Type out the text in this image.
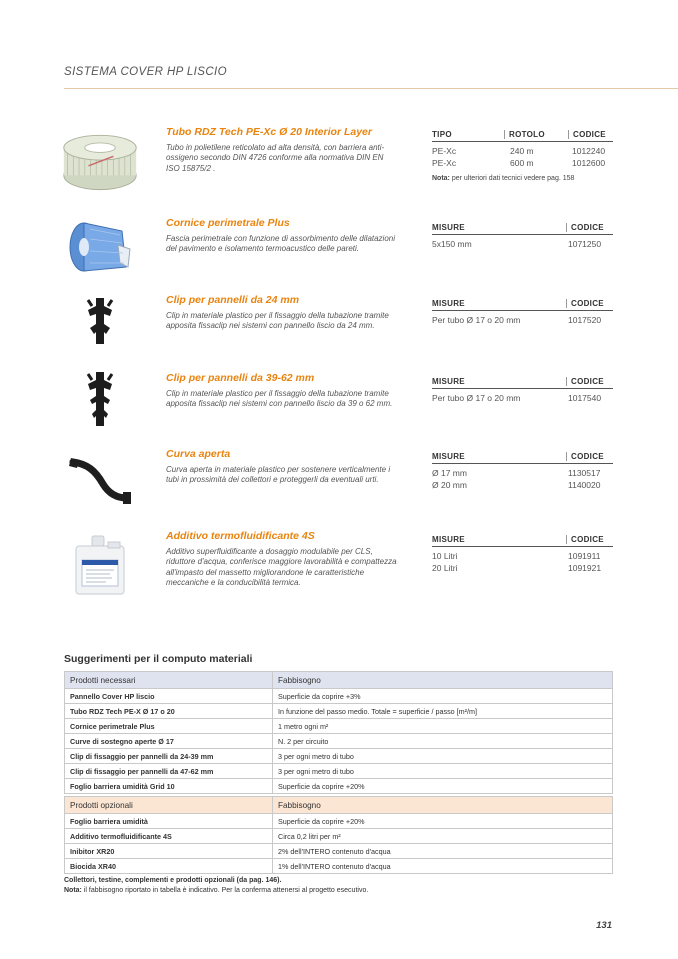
SISTEMA COVER HP LISCIO
Tubo RDZ Tech PE-Xc Ø 20 Interior Layer
Tubo in polietilene reticolato ad alta densità, con barriera anti-ossigeno secondo DIN 4726 conforme alla normativa DIN EN ISO 15875/2 .
TIPO	ROTOLO	CODICE
PE-Xc	240 m	1012240
PE-Xc	600 m	1012600
Nota: per ulteriori dati tecnici vedere pag. 158
Cornice perimetrale Plus
Fascia perimetrale con funzione di assorbimento delle dilatazioni del pavimento e isolamento termoacustico delle pareti.
MISURE	CODICE
5x150 mm	1071250
Clip per pannelli da 24 mm
Clip in materiale plastico per il fissaggio della tubazione tramite apposita fissaclip nei sistemi con pannello liscio da 24 mm.
MISURE	CODICE
Per tubo Ø 17 o 20 mm	1017520
Clip per pannelli da 39-62 mm
Clip in materiale plastico per il fissaggio della tubazione tramite apposita fissaclip nei sistemi con pannello liscio da 39 o 62 mm.
MISURE	CODICE
Per tubo Ø 17 o 20 mm	1017540
Curva aperta
Curva aperta in materiale plastico per sostenere verticalmente i tubi in prossimità dei collettori e proteggerli da eventuali urti.
MISURE	CODICE
Ø 17 mm	1130517
Ø 20 mm	1140020
Additivo termofluidificante 4S
Additivo superfluidificante a dosaggio modulabile per CLS, riduttore d'acqua, conferisce maggiore lavorabilità e compattezza all'impasto del massetto migliorandone le caratteristiche meccaniche e la conducibilità termica.
MISURE	CODICE
10 Litri	1091911
20 Litri	1091921
Suggerimenti per il computo materiali
Prodotti necessari	Fabbisogno
Pannello Cover HP liscio	Superficie da coprire +3%
Tubo RDZ Tech PE-X Ø 17 o 20	In funzione del passo medio. Totale = superficie / passo [m²/m]
Cornice perimetrale Plus	1 metro ogni m²
Curve di sostegno aperte Ø 17	N. 2 per circuito
Clip di fissaggio per pannelli da 24-39 mm	3 per ogni metro di tubo
Clip di fissaggio per pannelli da 47-62 mm	3 per ogni metro di tubo
Foglio barriera umidità Grid 10	Superficie da coprire +20%
Prodotti opzionali	Fabbisogno
Foglio barriera umidità	Superficie da coprire +20%
Additivo termofluidificante 4S	Circa 0,2 litri per m²
Inibitor XR20	2% dell'INTERO contenuto d'acqua
Biocida XR40	1% dell'INTERO contenuto d'acqua
Collettori, testine, complementi e prodotti opzionali (da pag. 146).
Nota: il fabbisogno riportato in tabella è indicativo. Per la conferma attenersi al progetto esecutivo.
131
